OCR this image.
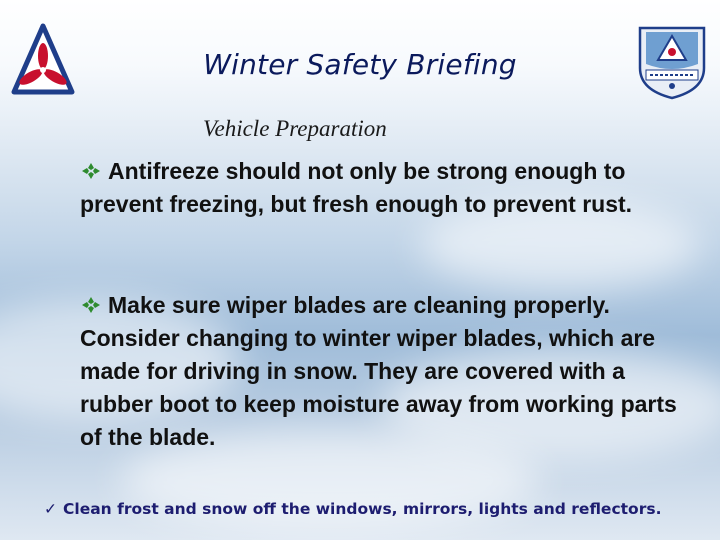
Winter Safety Briefing
Vehicle Preparation
Antifreeze should not only be strong enough to prevent freezing, but fresh enough to prevent rust.
Make sure wiper blades are cleaning properly. Consider changing to winter wiper blades, which are made for driving in snow. They are covered with a rubber boot to keep moisture away from working parts of the blade.
✓ Clean frost and snow off the windows, mirrors, lights and reflectors.
